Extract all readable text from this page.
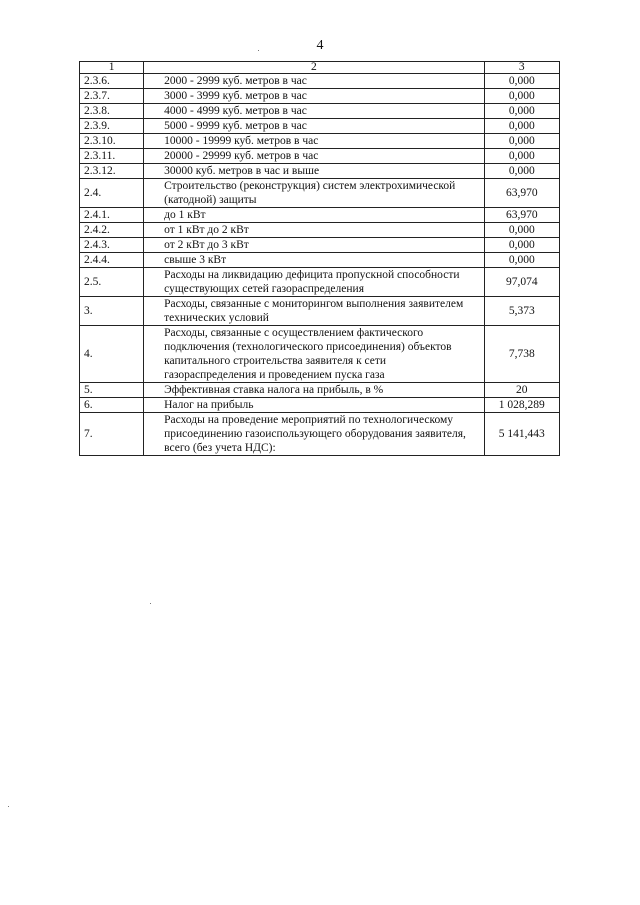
4
1	2	3
2.3.6.	2000 - 2999 куб. метров в час	0,000
2.3.7.	3000 - 3999 куб. метров в час	0,000
2.3.8.	4000 - 4999 куб. метров в час	0,000
2.3.9.	5000 - 9999 куб. метров в час	0,000
2.3.10.	10000 - 19999 куб. метров в час	0,000
2.3.11.	20000 - 29999 куб. метров в час	0,000
2.3.12.	30000 куб. метров в час и выше	0,000
2.4.	Строительство (реконструкция) систем электрохимической (катодной) защиты	63,970
2.4.1.	до 1 кВт	63,970
2.4.2.	от 1 кВт до 2 кВт	0,000
2.4.3.	от 2 кВт до 3 кВт	0,000
2.4.4.	свыше 3 кВт	0,000
2.5.	Расходы на ликвидацию дефицита пропускной способности существующих сетей газораспределения	97,074
3.	Расходы, связанные с мониторингом выполнения заявителем технических условий	5,373
4.	Расходы, связанные с осуществлением фактического подключения (технологического присоединения) объектов капитального строительства заявителя к сети газораспределения и проведением пуска газа	7,738
5.	Эффективная ставка налога на прибыль, в %	20
6.	Налог на прибыль	1 028,289
7.	Расходы на проведение мероприятий по технологическому присоединению газоиспользующего оборудования заявителя, всего (без учета НДС):	5 141,443
